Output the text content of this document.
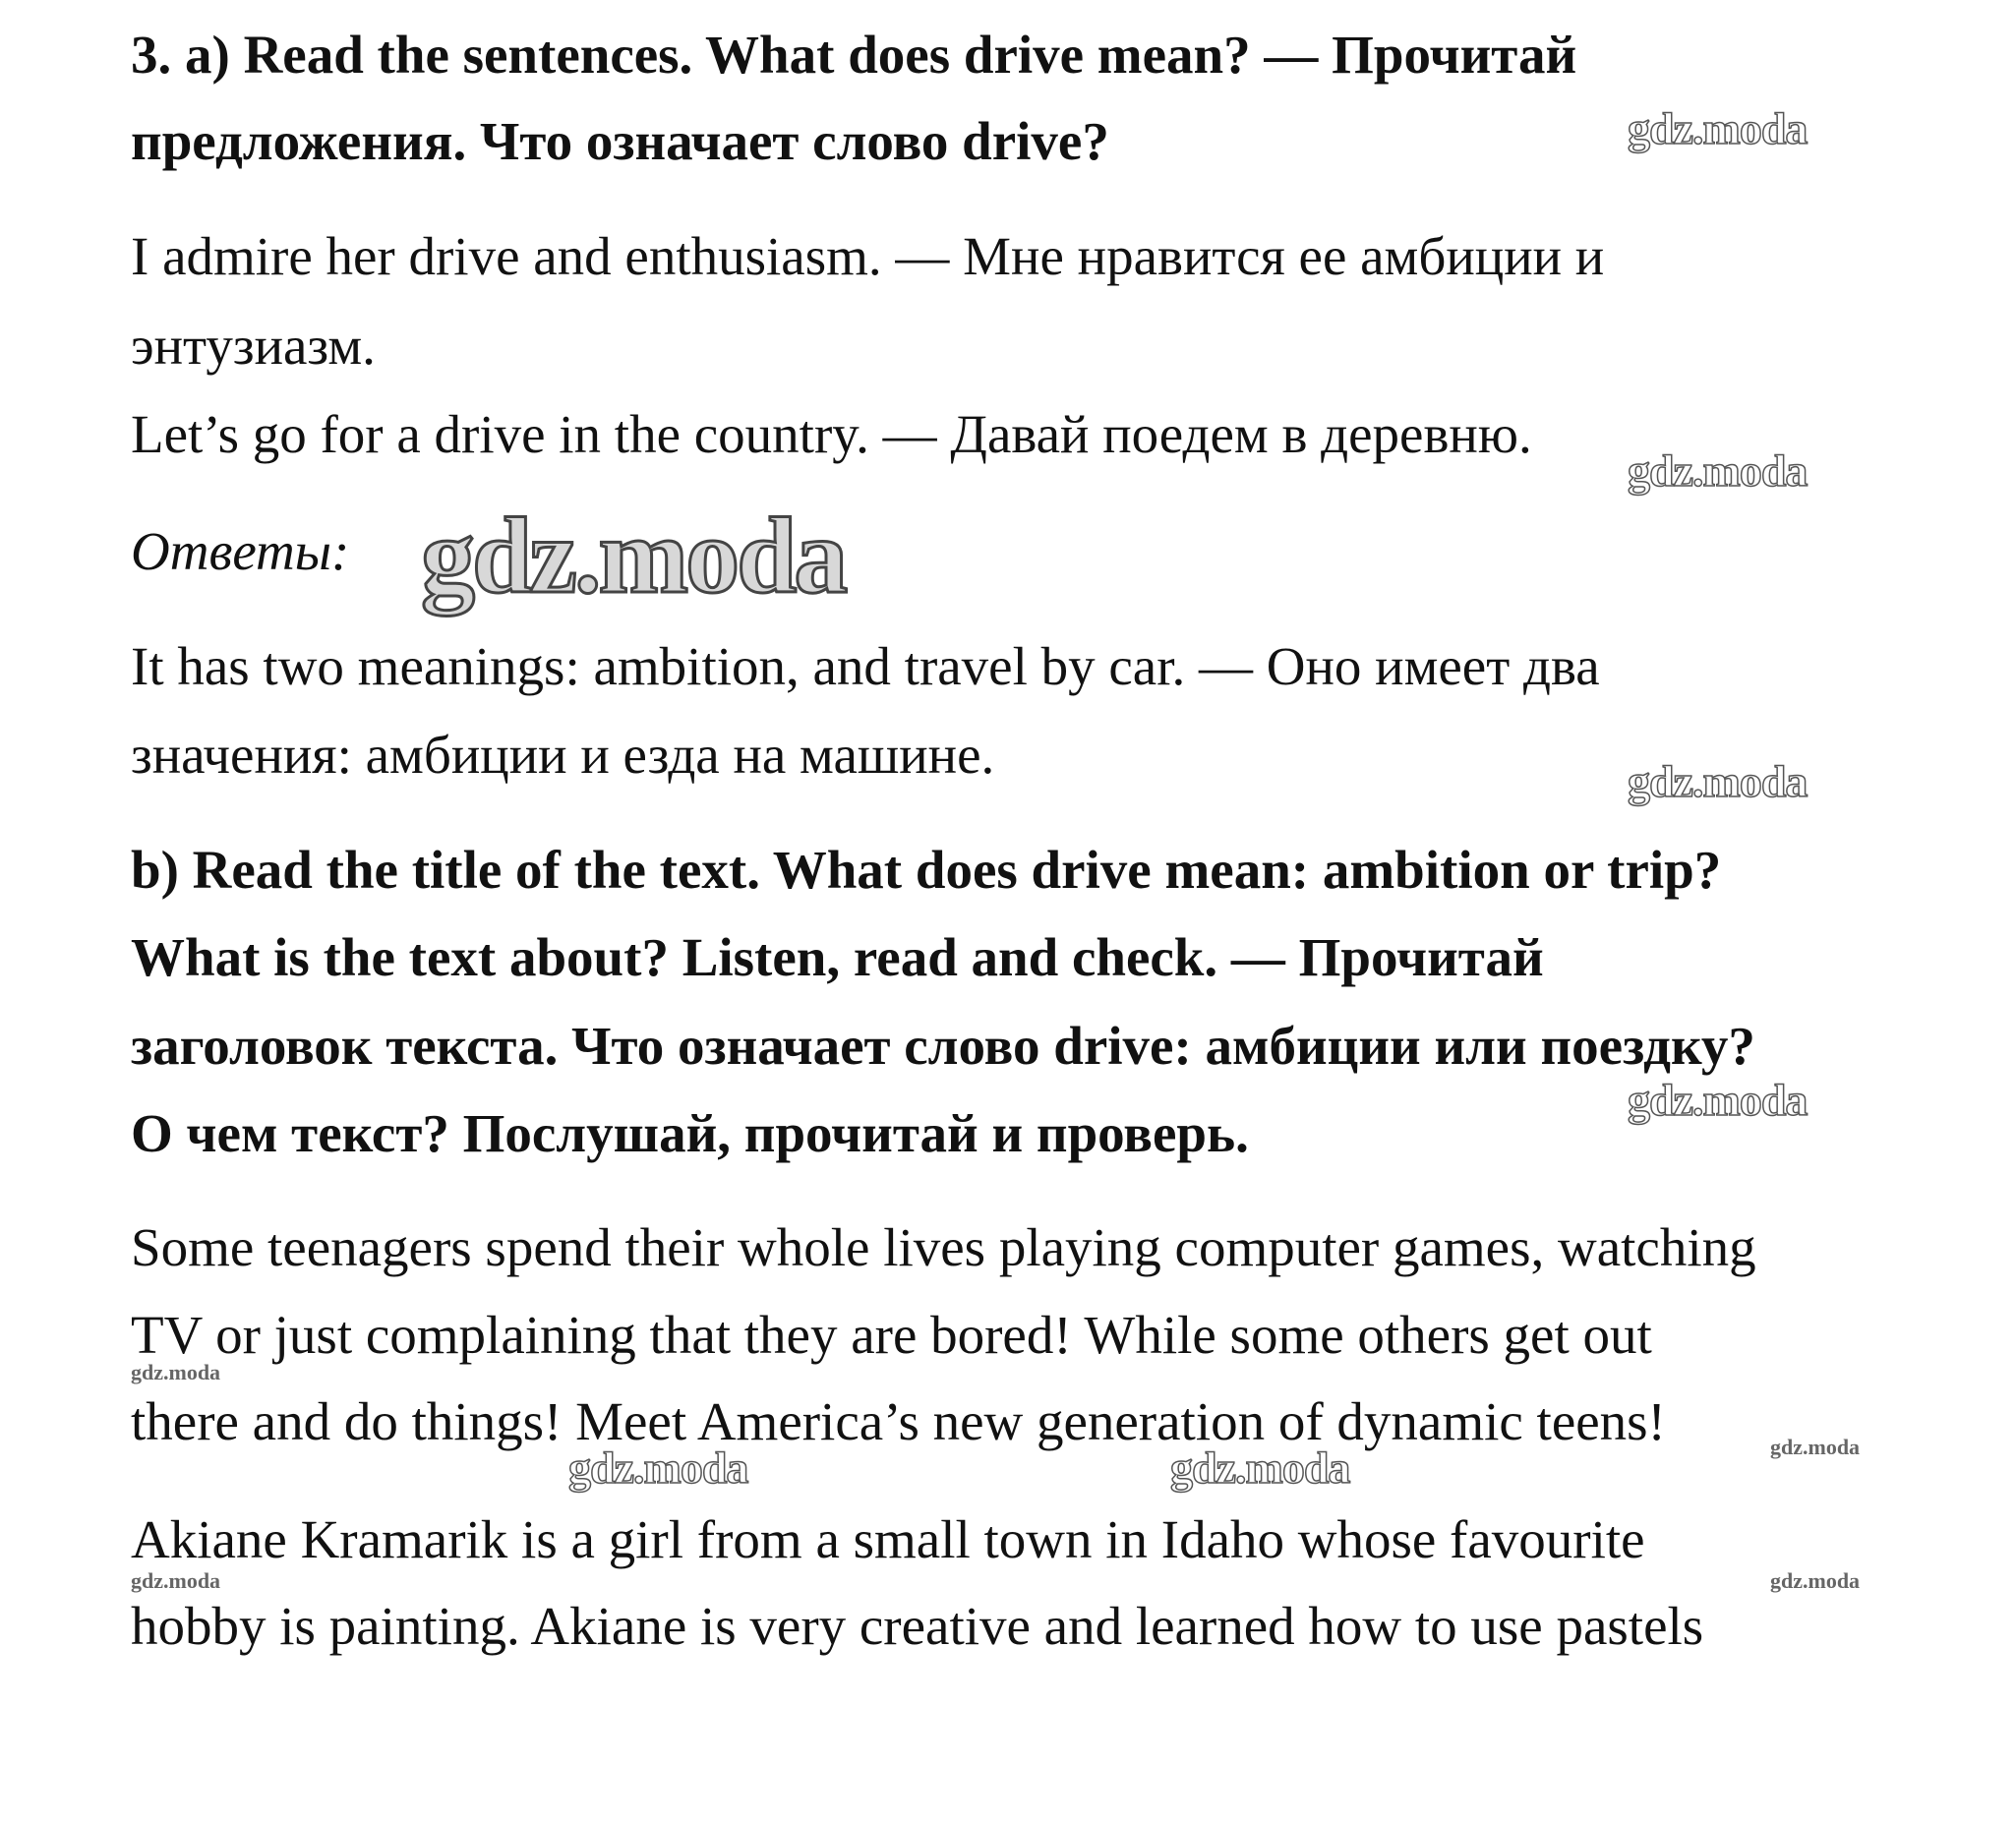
3. a) Read the sentences. What does drive mean? — Прочитай
предложения. Что означает слово drive?
I admire her drive and enthusiasm. — Мне нравится ее амбиции и
энтузиазм.
Let’s go for a drive in the country. — Давай поедем в деревню.
Ответы:
It has two meanings: ambition, and travel by car. — Оно имеет два
значения: амбиции и езда на машине.
b) Read the title of the text. What does drive mean: ambition or trip?
What is the text about? Listen, read and check. — Прочитай
заголовок текста. Что означает слово drive: амбиции или поездку?
О чем текст? Послушай, прочитай и проверь.
Some teenagers spend their whole lives playing computer games, watching
TV or just complaining that they are bored! While some others get out
there and do things! Meet America’s new generation of dynamic teens!
Akiane Kramarik is a girl from a small town in Idaho whose favourite
hobby is painting. Akiane is very creative and learned how to use pastels
gdz.moda
gdz.moda
gdz.moda
gdz.moda
gdz.moda
gdz.moda
gdz.moda
gdz.moda	gdz.moda
gdz.moda	gdz.moda
